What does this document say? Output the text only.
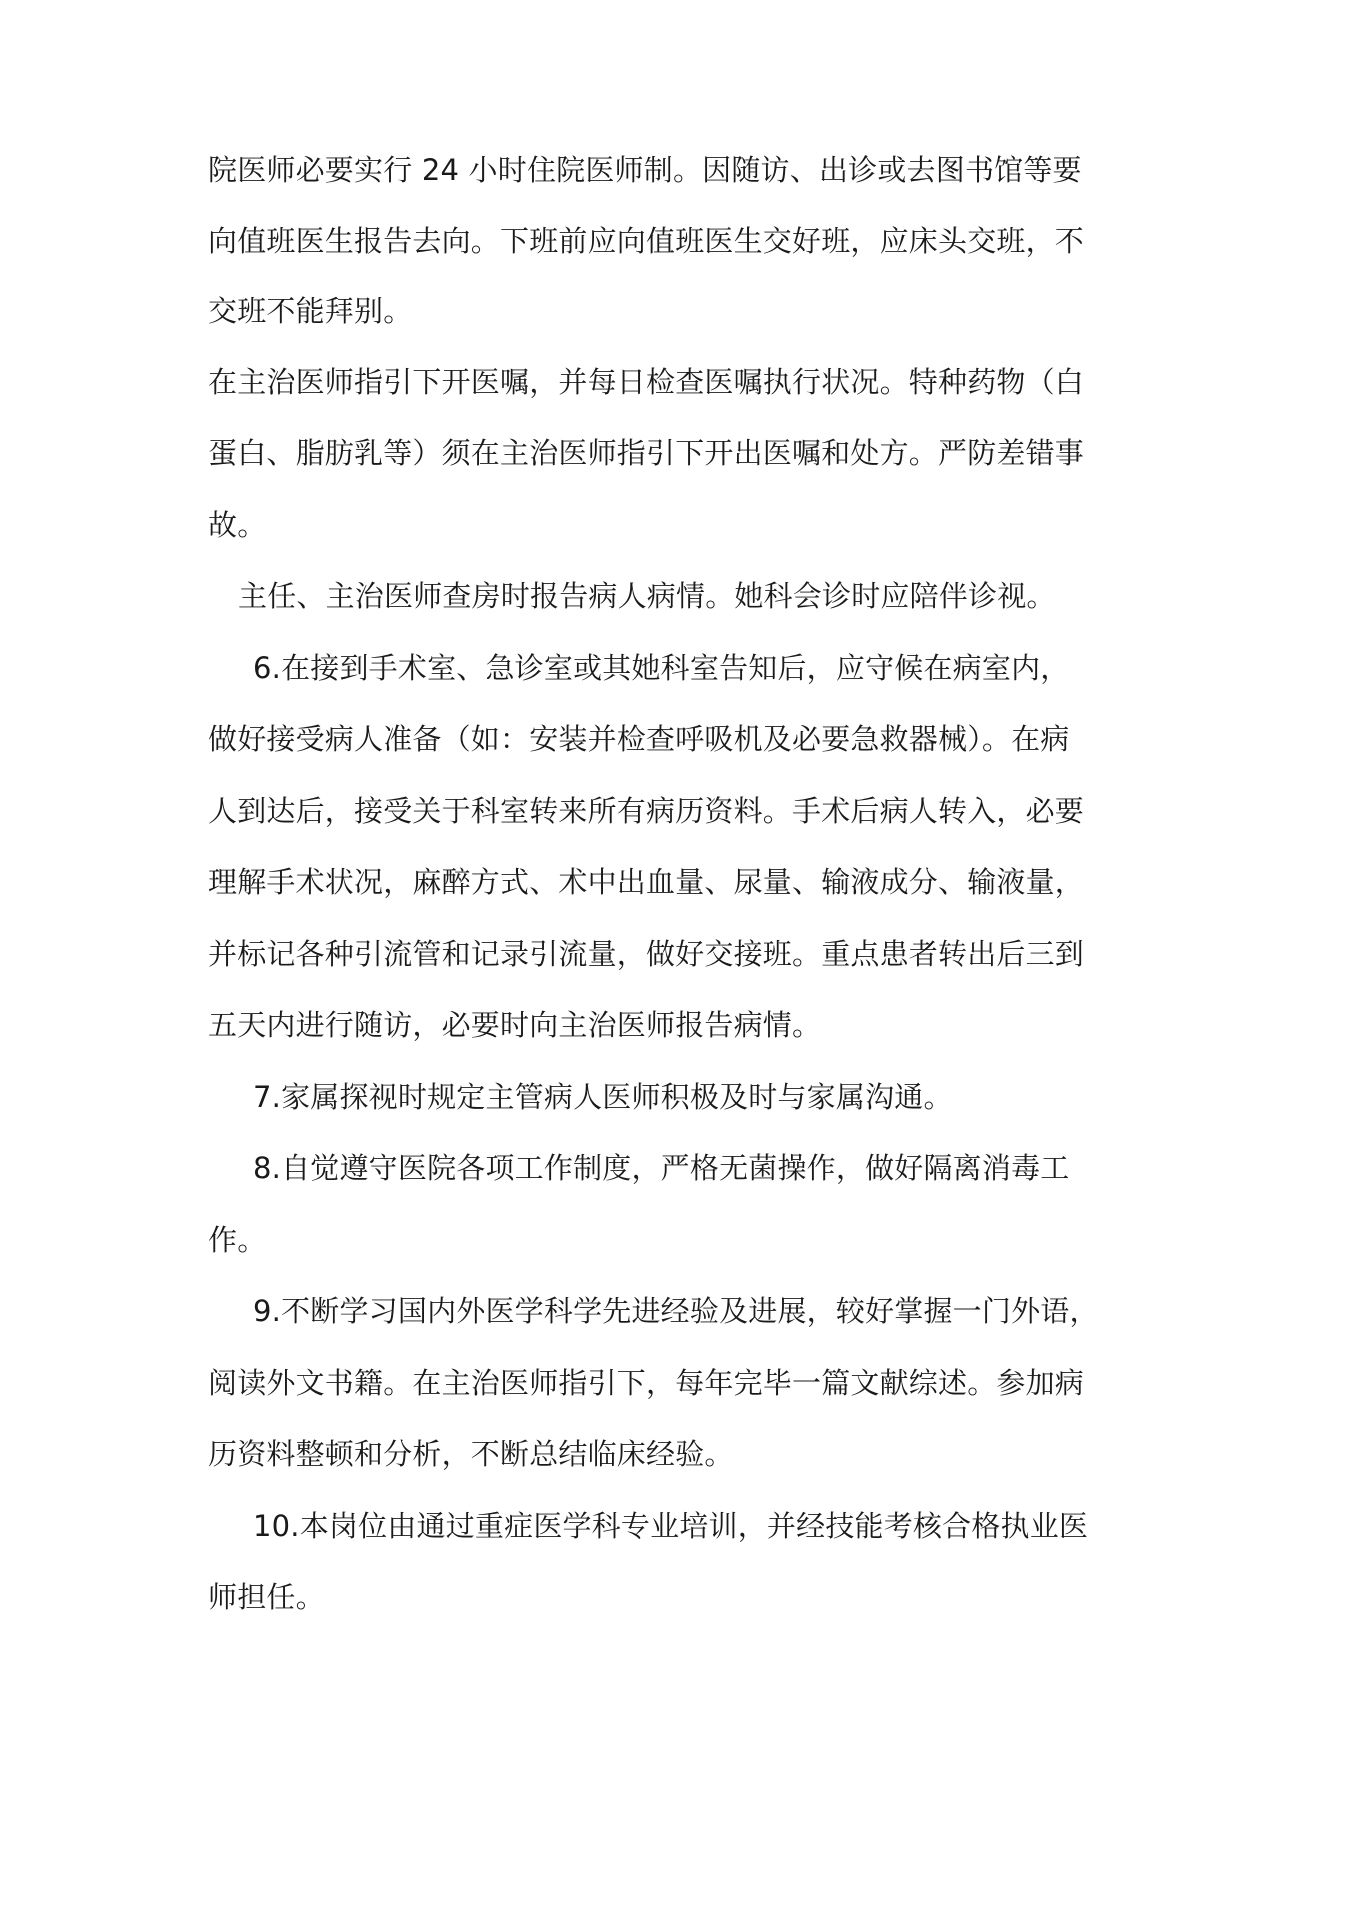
院医师必要实行 24 小时住院医师制。因随访、出诊或去图书馆等要

向值班医生报告去向。下班前应向值班医生交好班，应床头交班，不

交班不能拜别。

在主治医师指引下开医嘱，并每日检查医嘱执行状况。特种药物（白

蛋白、脂肪乳等）须在主治医师指引下开出医嘱和处方。严防差错事

故。

主任、主治医师查房时报告病人病情。她科会诊时应陪伴诊视。

6.在接到手术室、急诊室或其她科室告知后，应守候在病室内，

做好接受病人准备（如：安装并检查呼吸机及必要急救器械）。在病

人到达后，接受关于科室转来所有病历资料。手术后病人转入，必要

理解手术状况，麻醉方式、术中出血量、尿量、输液成分、输液量，

并标记各种引流管和记录引流量，做好交接班。重点患者转出后三到

五天内进行随访，必要时向主治医师报告病情。

7.家属探视时规定主管病人医师积极及时与家属沟通。

8.自觉遵守医院各项工作制度，严格无菌操作，做好隔离消毒工

作。

9.不断学习国内外医学科学先进经验及进展，较好掌握一门外语，

阅读外文书籍。在主治医师指引下，每年完毕一篇文献综述。参加病

历资料整顿和分析，不断总结临床经验。

10.本岗位由通过重症医学科专业培训，并经技能考核合格执业医

师担任。
